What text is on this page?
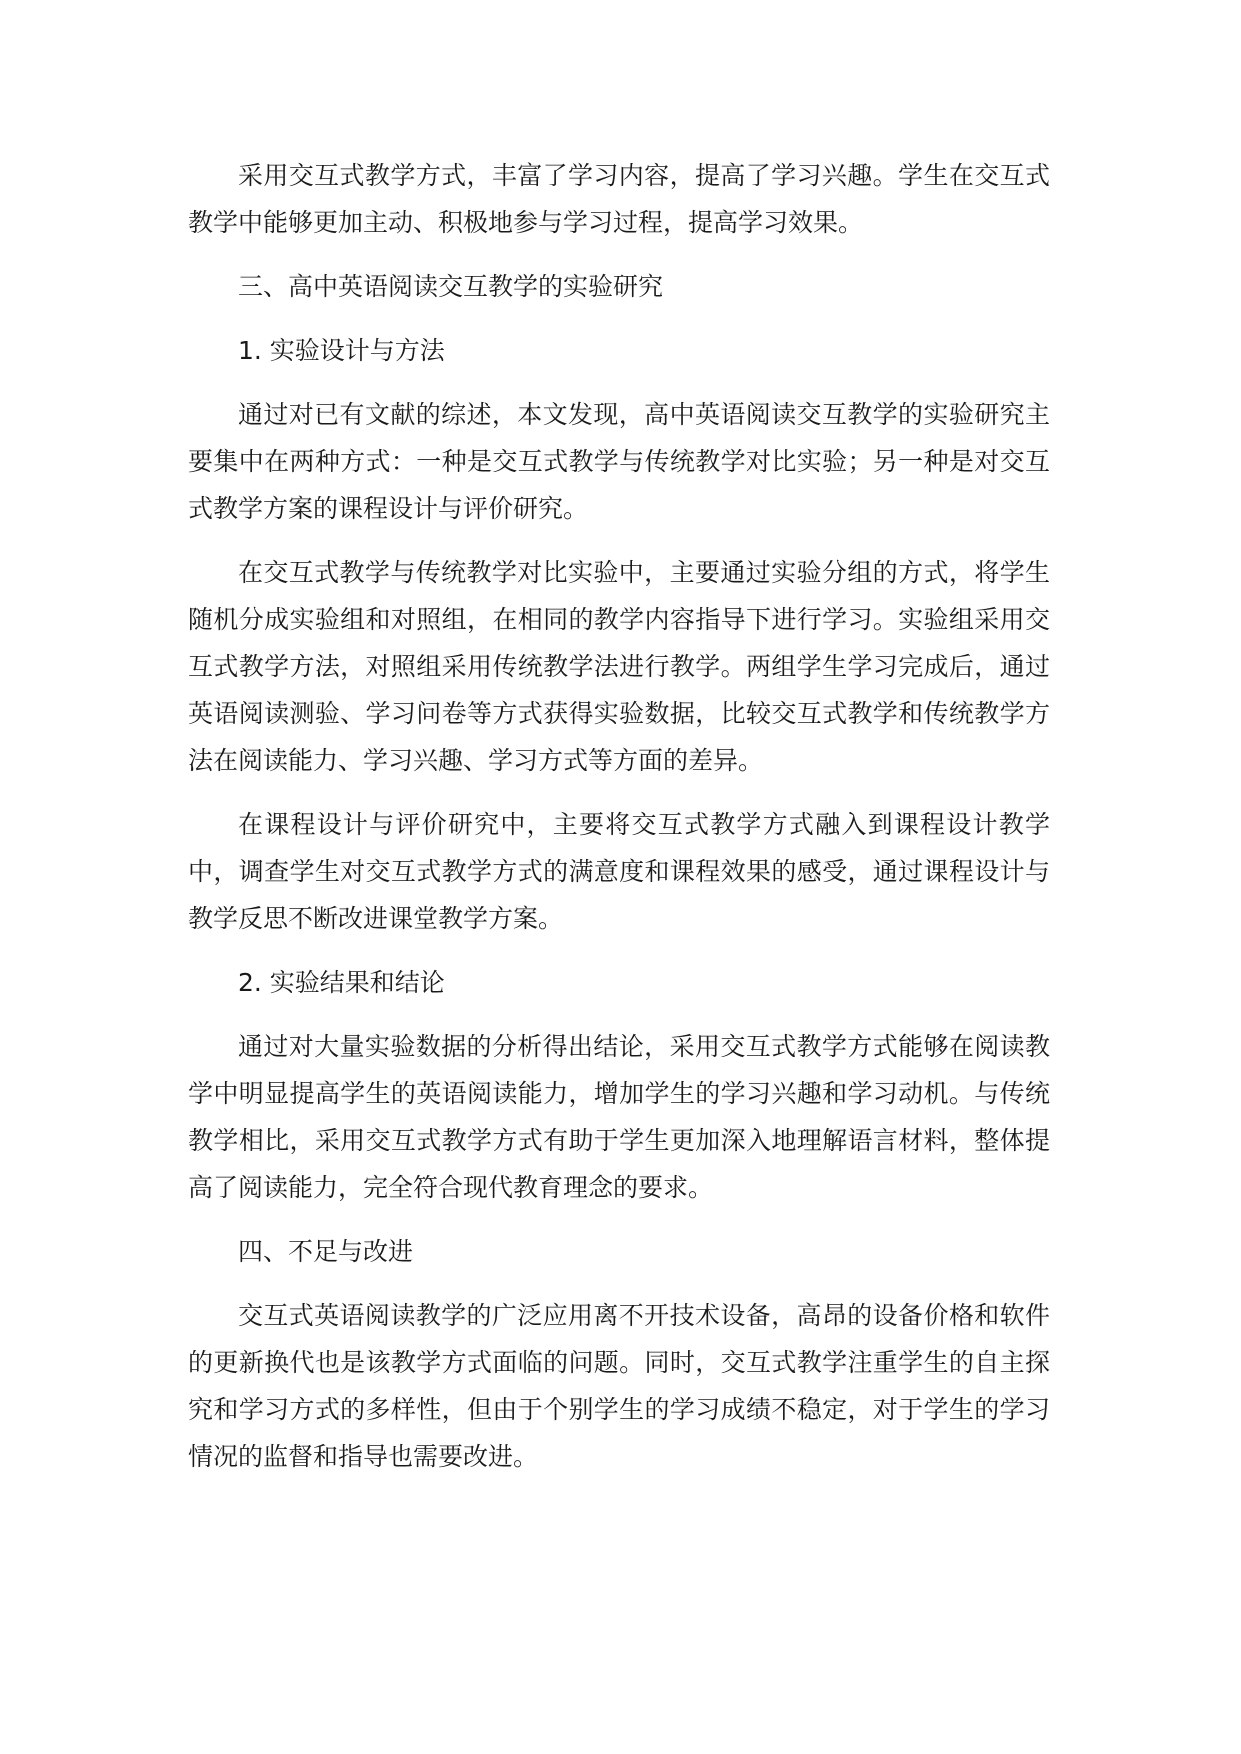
采用交互式教学方式，丰富了学习内容，提高了学习兴趣。学生在交互式教学中能够更加主动、积极地参与学习过程，提高学习效果。

三、高中英语阅读交互教学的实验研究

1. 实验设计与方法

通过对已有文献的综述，本文发现，高中英语阅读交互教学的实验研究主要集中在两种方式：一种是交互式教学与传统教学对比实验；另一种是对交互式教学方案的课程设计与评价研究。

在交互式教学与传统教学对比实验中，主要通过实验分组的方式，将学生随机分成实验组和对照组，在相同的教学内容指导下进行学习。实验组采用交互式教学方法，对照组采用传统教学法进行教学。两组学生学习完成后，通过英语阅读测验、学习问卷等方式获得实验数据，比较交互式教学和传统教学方法在阅读能力、学习兴趣、学习方式等方面的差异。

在课程设计与评价研究中，主要将交互式教学方式融入到课程设计教学中，调查学生对交互式教学方式的满意度和课程效果的感受，通过课程设计与教学反思不断改进课堂教学方案。

2. 实验结果和结论

通过对大量实验数据的分析得出结论，采用交互式教学方式能够在阅读教学中明显提高学生的英语阅读能力，增加学生的学习兴趣和学习动机。与传统教学相比，采用交互式教学方式有助于学生更加深入地理解语言材料，整体提高了阅读能力，完全符合现代教育理念的要求。

四、不足与改进

交互式英语阅读教学的广泛应用离不开技术设备，高昂的设备价格和软件的更新换代也是该教学方式面临的问题。同时，交互式教学注重学生的自主探究和学习方式的多样性，但由于个别学生的学习成绩不稳定，对于学生的学习情况的监督和指导也需要改进。
